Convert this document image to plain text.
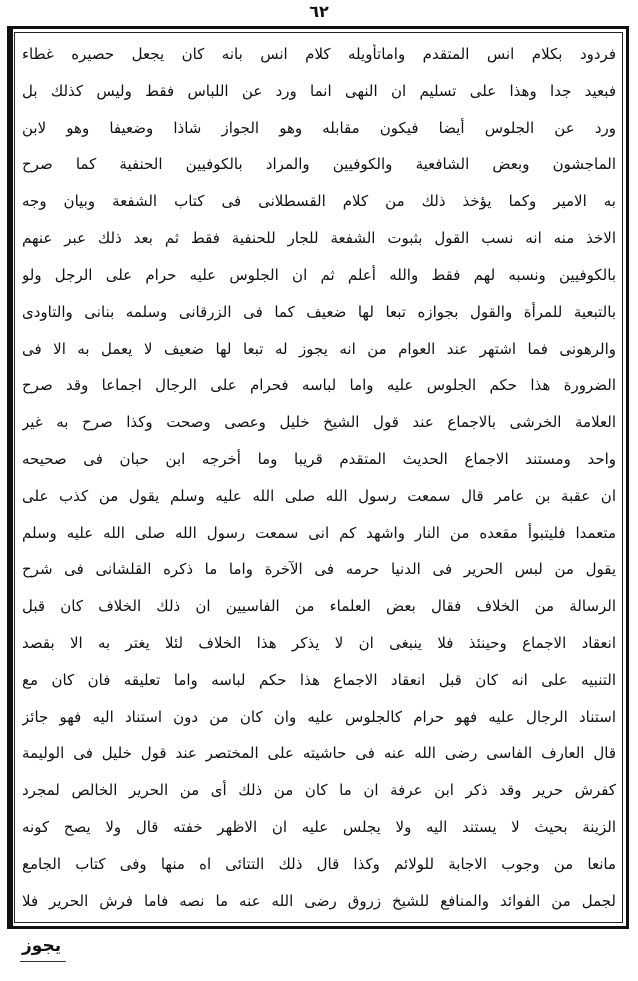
٦٢
فردود بكلام انس المتقدم واماتأويله كلام انس بانه كان يجعل حصيره غطاء
فبعيد جدا وهذا على تسليم ان النهى انما ورد عن اللباس فقط وليس كذلك بل
ورد عن الجلوس أيضا فيكون مقابله وهو الجواز شاذا وضعيفا وهو لابن
الماجشون وبعض الشافعية والكوفيين والمراد بالكوفيين الحنفية كما صرح
به الامير وكما يؤخذ ذلك من كلام القسطلانى فى كتاب الشفعة وبيان وجه
الاخذ منه انه نسب القول بثبوت الشفعة للجار للحنفية فقط ثم بعد ذلك عبر عنهم
بالكوفيين ونسبه لهم فقط والله أعلم ثم ان الجلوس عليه حرام على الرجل ولو
بالتبعية للمرأة والقول بجوازه تبعا لها ضعيف كما فى الزرقانى وسلمه بنانى والتاودى
والرهونى فما اشتهر عند العوام من انه يجوز له تبعا لها ضعيف لا يعمل به الا فى
الضرورة هذا حكم الجلوس عليه واما لباسه فحرام على الرجال اجماعا وقد صرح
العلامة الخرشى بالاجماع عند قول الشيخ خليل وعصى وصحت وكذا صرح به غير
واحد ومستند الاجماع الحديث المتقدم قريبا وما أخرجه ابن حبان فى صحيحه
ان عقبة بن عامر قال سمعت رسول الله صلى الله عليه وسلم يقول من كذب على
متعمدا فليتبوأ مقعده من النار واشهد كم انى سمعت رسول الله صلى الله عليه وسلم
يقول من لبس الحرير فى الدنيا حرمه فى الآخرة واما ما ذكره القلشانى فى شرح
الرسالة من الخلاف فقال بعض العلماء من الفاسيين ان ذلك الخلاف كان قبل
انعقاد الاجماع وحينئذ فلا ينبغى ان لا يذكر هذا الخلاف لئلا يغتر به الا بقصد
التنبيه على انه كان قبل انعقاد الاجماع هذا حكم لباسه واما تعليقه فان كان مع
استناد الرجال عليه فهو حرام كالجلوس عليه وان كان من دون استناد اليه فهو جائز
قال العارف الفاسى رضى الله عنه فى حاشيته على المختصر عند قول خليل فى الوليمة
كفرش حرير وقد ذكر ابن عرفة ان ما كان من ذلك أى من الحرير الخالص لمجرد
الزينة بحيث لا يستند اليه ولا يجلس عليه ان الاظهر خفته قال ولا يصح كونه
مانعا من وجوب الاجابة للولائم وكذا قال ذلك التتائى اه منها وفى كتاب الجامع
لجمل من الفوائد والمنافع للشيخ زروق رضى الله عنه ما نصه فاما فرش الحرير فلا
يجوز
